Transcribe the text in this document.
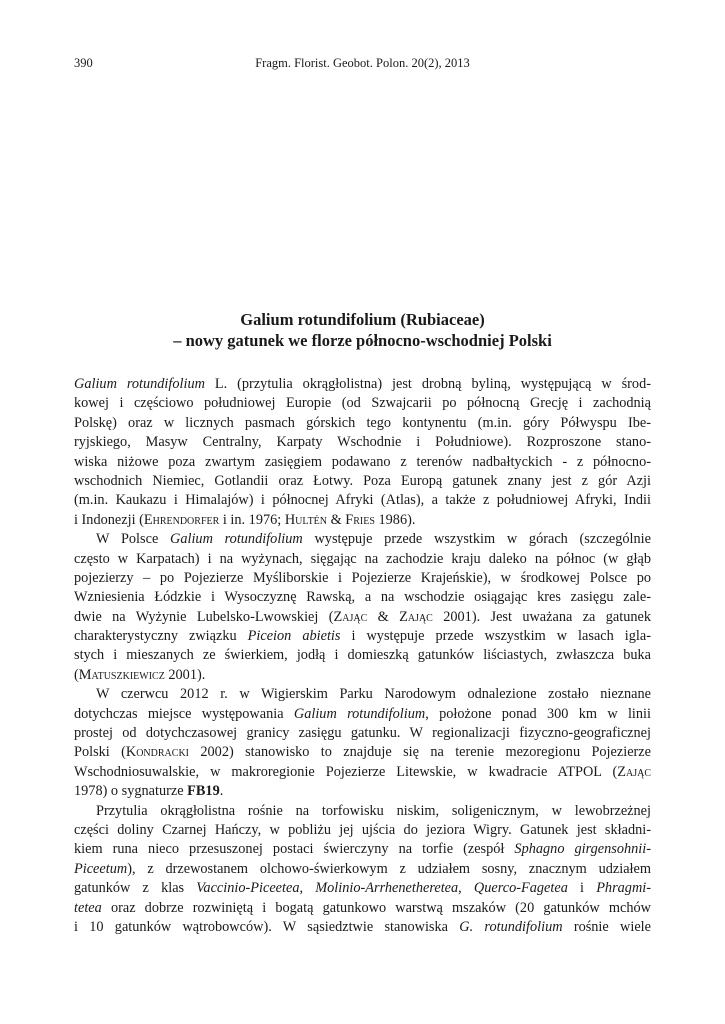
390	Fragm. Florist. Geobot. Polon. 20(2), 2013
Galium rotundifolium (Rubiaceae)
– nowy gatunek we florze północno-wschodniej Polski
Galium rotundifolium L. (przytulia okrągłolistna) jest drobną byliną, występującą w środ-
kowej i częściowo południowej Europie (od Szwajcarii po północną Grecję i zachodnią
Polskę) oraz w licznych pasmach górskich tego kontynentu (m.in. góry Półwyspu Ibe-
ryjskiego, Masyw Centralny, Karpaty Wschodnie i Południowe). Rozproszone stano-
wiska niżowe poza zwartym zasięgiem podawano z terenów nadbałtyckich - z północno-
wschodnich Niemiec, Gotlandii oraz Łotwy. Poza Europą gatunek znany jest z gór Azji
(m.in. Kaukazu i Himalajów) i północnej Afryki (Atlas), a także z południowej Afryki, Indii
i Indonezji (Ehrendorfer i in. 1976; Hultén & Fries 1986).
W Polsce Galium rotundifolium występuje przede wszystkim w górach (szczególnie
często w Karpatach) i na wyżynach, sięgając na zachodzie kraju daleko na północ (w głąb
pojezierzy – po Pojezierze Myśliborskie i Pojezierze Krajeńskie), w środkowej Polsce po
Wzniesienia Łódzkie i Wysoczyznę Rawską, a na wschodzie osiągając kres zasięgu zale-
dwie na Wyżynie Lubelsko-Lwowskiej (Zając & Zając 2001). Jest uważana za gatunek
charakterystyczny związku Piceion abietis i występuje przede wszystkim w lasach igla-
stych i mieszanych ze świerkiem, jodłą i domieszką gatunków liściastych, zwłaszcza buka
(Matuszkiewicz 2001).
W czerwcu 2012 r. w Wigierskim Parku Narodowym odnalezione zostało nieznane
dotychczas miejsce występowania Galium rotundifolium, położone ponad 300 km w linii
prostej od dotychczasowej granicy zasięgu gatunku. W regionalizacji fizyczno-geograficznej
Polski (Kondracki 2002) stanowisko to znajduje się na terenie mezoregionu Pojezierze
Wschodniosuwalskie, w makroregionie Pojezierze Litewskie, w kwadracie ATPOL (Zając
1978) o sygnaturze FB19.
Przytulia okrągłolistna rośnie na torfowisku niskim, soligenicznym, w lewobrzeżnej
części doliny Czarnej Hańczy, w pobliżu jej ujścia do jeziora Wigry. Gatunek jest składni-
kiem runa nieco przesuszonej postaci świerczyny na torfie (zespół Sphagno girgensohnii-
Piceetum), z drzewostanem olchowo-świerkowym z udziałem sosny, znacznym udziałem
gatunków z klas Vaccinio-Piceetea, Molinio-Arrhenetheretea, Querco-Fagetea i Phragmi-
tetea oraz dobrze rozwiniętą i bogatą gatunkowo warstwą mszaków (20 gatunków mchów
i 10 gatunków wątrobowców). W sąsiedztwie stanowiska G. rotundifolium rośnie wiele
